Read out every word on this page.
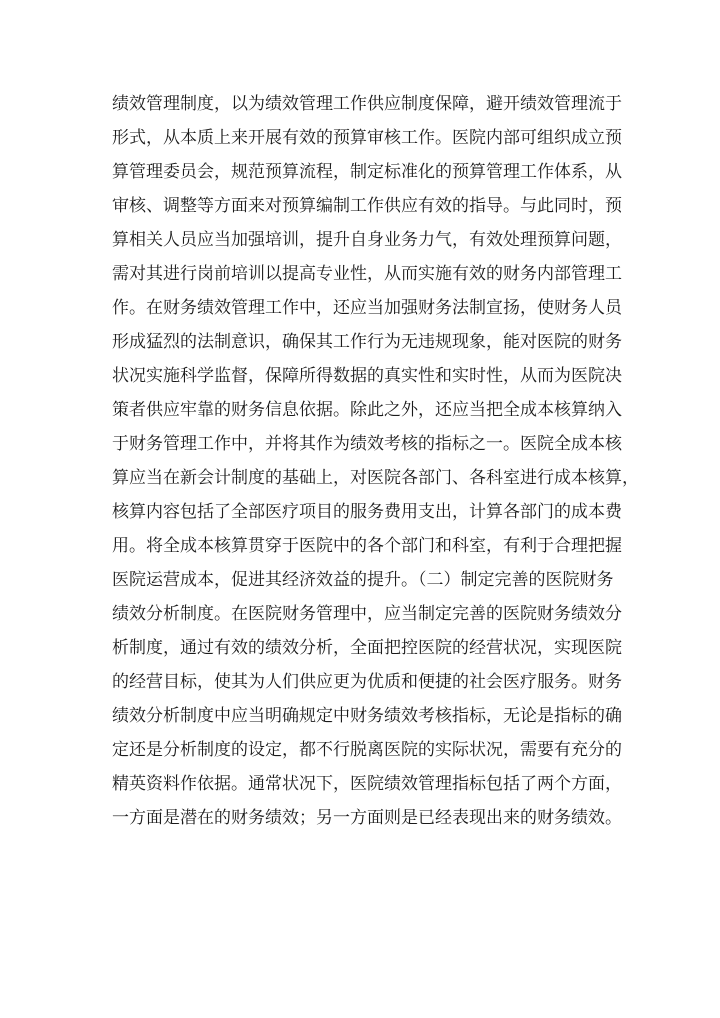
绩效管理制度，以为绩效管理工作供应制度保障，避开绩效管理流于
形式，从本质上来开展有效的预算审核工作。医院内部可组织成立预
算管理委员会，规范预算流程，制定标准化的预算管理工作体系，从
审核、调整等方面来对预算编制工作供应有效的指导。与此同时，预
算相关人员应当加强培训，提升自身业务力气，有效处理预算问题，
需对其进行岗前培训以提高专业性，从而实施有效的财务内部管理工
作。在财务绩效管理工作中，还应当加强财务法制宣扬，使财务人员
形成猛烈的法制意识，确保其工作行为无违规现象，能对医院的财务
状况实施科学监督，保障所得数据的真实性和实时性，从而为医院决
策者供应牢靠的财务信息依据。除此之外，还应当把全成本核算纳入
于财务管理工作中，并将其作为绩效考核的指标之一。医院全成本核
算应当在新会计制度的基础上，对医院各部门、各科室进行成本核算，
核算内容包括了全部医疗项目的服务费用支出，计算各部门的成本费
用。将全成本核算贯穿于医院中的各个部门和科室，有利于合理把握
医院运营成本，促进其经济效益的提升。（二）制定完善的医院财务
绩效分析制度。在医院财务管理中，应当制定完善的医院财务绩效分
析制度，通过有效的绩效分析，全面把控医院的经营状况，实现医院
的经营目标，使其为人们供应更为优质和便捷的社会医疗服务。财务
绩效分析制度中应当明确规定中财务绩效考核指标，无论是指标的确
定还是分析制度的设定，都不行脱离医院的实际状况，需要有充分的
精英资料作依据。通常状况下，医院绩效管理指标包括了两个方面，
一方面是潜在的财务绩效；另一方面则是已经表现出来的财务绩效。
